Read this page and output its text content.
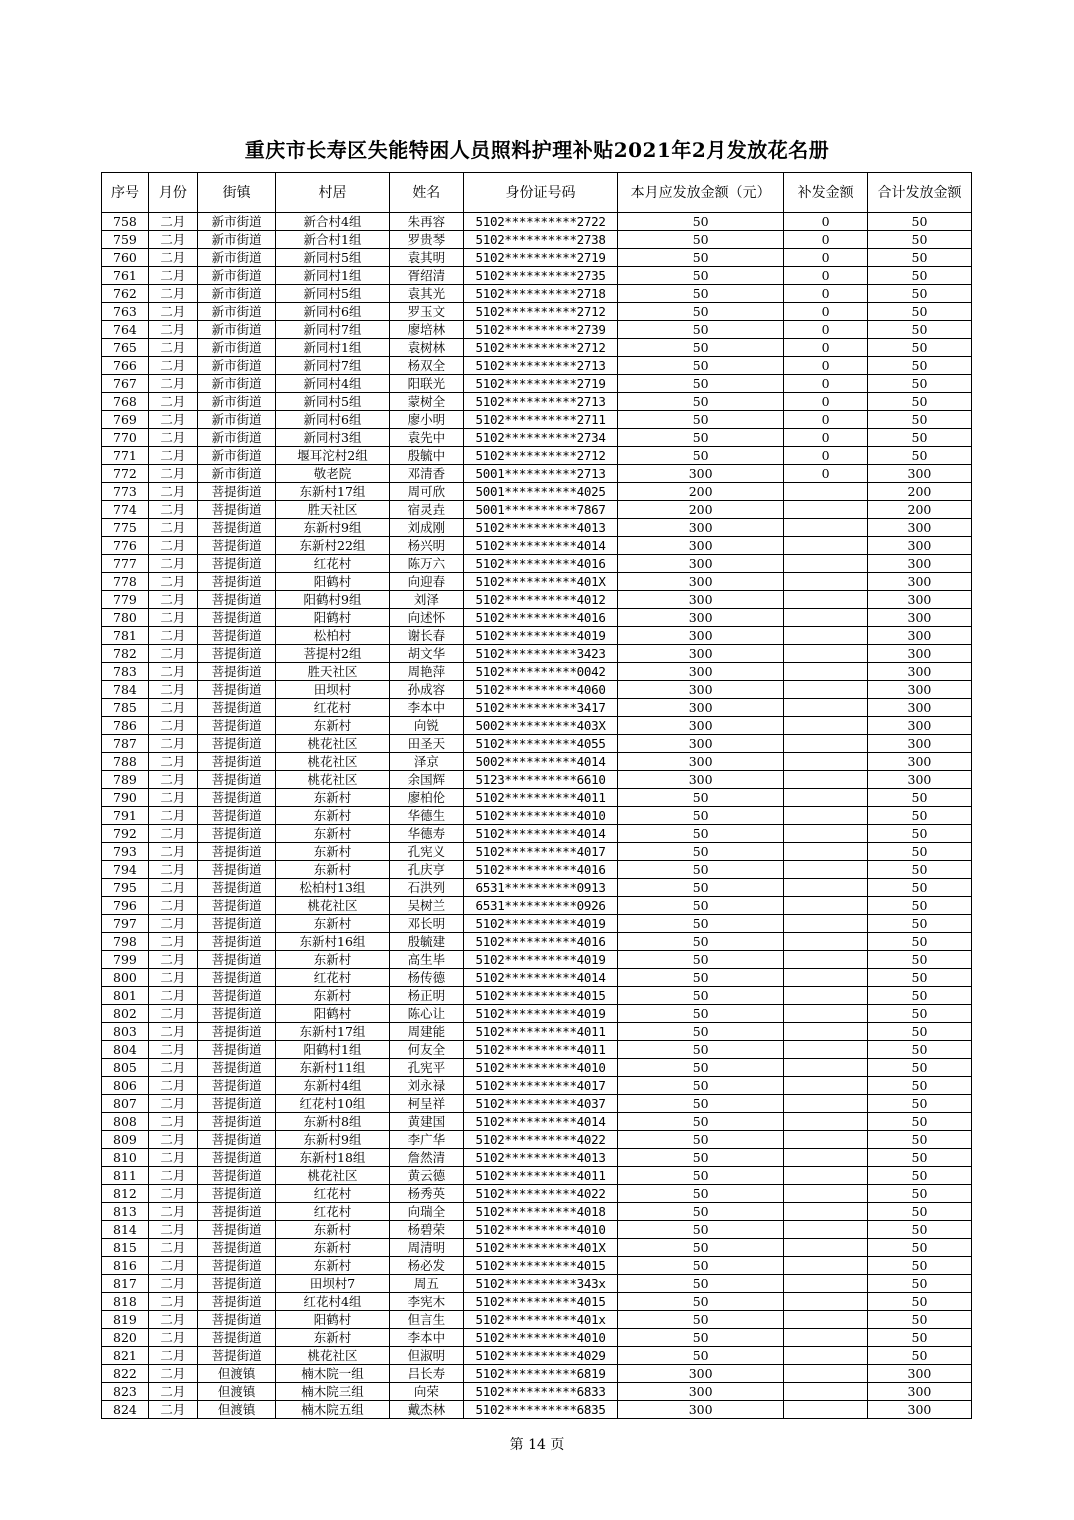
重庆市长寿区失能特困人员照料护理补贴2021年2月发放花名册
序号	月份	街镇	村居	姓名	身份证号码	本月应发放金额（元）	补发金额	合计发放金额
758	二月	新市街道	新合村4组	朱再容	5102**********2722	50	0	50
759	二月	新市街道	新合村1组	罗贵琴	5102**********2738	50	0	50
760	二月	新市街道	新同村5组	袁其明	5102**********2719	50	0	50
761	二月	新市街道	新同村1组	胥绍清	5102**********2735	50	0	50
762	二月	新市街道	新同村5组	袁其光	5102**********2718	50	0	50
763	二月	新市街道	新同村6组	罗玉文	5102**********2712	50	0	50
764	二月	新市街道	新同村7组	廖培林	5102**********2739	50	0	50
765	二月	新市街道	新同村1组	袁树林	5102**********2712	50	0	50
766	二月	新市街道	新同村7组	杨双全	5102**********2713	50	0	50
767	二月	新市街道	新同村4组	阳联光	5102**********2719	50	0	50
768	二月	新市街道	新同村5组	蒙树全	5102**********2713	50	0	50
769	二月	新市街道	新同村6组	廖小明	5102**********2711	50	0	50
770	二月	新市街道	新同村3组	袁先中	5102**********2734	50	0	50
771	二月	新市街道	堰耳沱村2组	殷毓中	5102**********2712	50	0	50
772	二月	新市街道	敬老院	邓清香	5001**********2713	300	0	300
773	二月	菩提街道	东新村17组	周可欣	5001**********4025	200		200
774	二月	菩提街道	胜天社区	宿灵垚	5001**********7867	200		200
775	二月	菩提街道	东新村9组	刘成刚	5102**********4013	300		300
776	二月	菩提街道	东新村22组	杨兴明	5102**********4014	300		300
777	二月	菩提街道	红花村	陈万六	5102**********4016	300		300
778	二月	菩提街道	阳鹤村	向迎春	5102**********401X	300		300
779	二月	菩提街道	阳鹤村9组	刘泽	5102**********4012	300		300
780	二月	菩提街道	阳鹤村	向述怀	5102**********4016	300		300
781	二月	菩提街道	松柏村	谢长春	5102**********4019	300		300
782	二月	菩提街道	菩提村2组	胡文华	5102**********3423	300		300
783	二月	菩提街道	胜天社区	周艳萍	5102**********0042	300		300
784	二月	菩提街道	田坝村	孙成容	5102**********4060	300		300
785	二月	菩提街道	红花村	李本中	5102**********3417	300		300
786	二月	菩提街道	东新村	向锐	5002**********403X	300		300
787	二月	菩提街道	桃花社区	田圣天	5102**********4055	300		300
788	二月	菩提街道	桃花社区	泽京	5002**********4014	300		300
789	二月	菩提街道	桃花社区	余国辉	5123**********6610	300		300
790	二月	菩提街道	东新村	廖柏伦	5102**********4011	50		50
791	二月	菩提街道	东新村	华德生	5102**********4010	50		50
792	二月	菩提街道	东新村	华德寿	5102**********4014	50		50
793	二月	菩提街道	东新村	孔宪义	5102**********4017	50		50
794	二月	菩提街道	东新村	孔庆亨	5102**********4016	50		50
795	二月	菩提街道	松柏村13组	石洪列	6531**********0913	50		50
796	二月	菩提街道	桃花社区	吴树兰	6531**********0926	50		50
797	二月	菩提街道	东新村	邓长明	5102**********4019	50		50
798	二月	菩提街道	东新村16组	殷毓建	5102**********4016	50		50
799	二月	菩提街道	东新村	高生毕	5102**********4019	50		50
800	二月	菩提街道	红花村	杨传德	5102**********4014	50		50
801	二月	菩提街道	东新村	杨正明	5102**********4015	50		50
802	二月	菩提街道	阳鹤村	陈心让	5102**********4019	50		50
803	二月	菩提街道	东新村17组	周建能	5102**********4011	50		50
804	二月	菩提街道	阳鹤村1组	何友全	5102**********4011	50		50
805	二月	菩提街道	东新村11组	孔宪平	5102**********4010	50		50
806	二月	菩提街道	东新村4组	刘永禄	5102**********4017	50		50
807	二月	菩提街道	红花村10组	柯呈祥	5102**********4037	50		50
808	二月	菩提街道	东新村8组	黄建国	5102**********4014	50		50
809	二月	菩提街道	东新村9组	李广华	5102**********4022	50		50
810	二月	菩提街道	东新村18组	詹然清	5102**********4013	50		50
811	二月	菩提街道	桃花社区	黄云德	5102**********4011	50		50
812	二月	菩提街道	红花村	杨秀英	5102**********4022	50		50
813	二月	菩提街道	红花村	向瑞全	5102**********4018	50		50
814	二月	菩提街道	东新村	杨碧荣	5102**********4010	50		50
815	二月	菩提街道	东新村	周清明	5102**********401X	50		50
816	二月	菩提街道	东新村	杨必发	5102**********4015	50		50
817	二月	菩提街道	田坝村7	周五	5102**********343x	50		50
818	二月	菩提街道	红花村4组	李宪木	5102**********4015	50		50
819	二月	菩提街道	阳鹤村	但言生	5102**********401x	50		50
820	二月	菩提街道	东新村	李本中	5102**********4010	50		50
821	二月	菩提街道	桃花社区	但淑明	5102**********4029	50		50
822	二月	但渡镇	楠木院一组	吕长寿	5102**********6819	300		300
823	二月	但渡镇	楠木院三组	向荣	5102**********6833	300		300
824	二月	但渡镇	楠木院五组	戴杰林	5102**********6835	300		300
第 14 页
